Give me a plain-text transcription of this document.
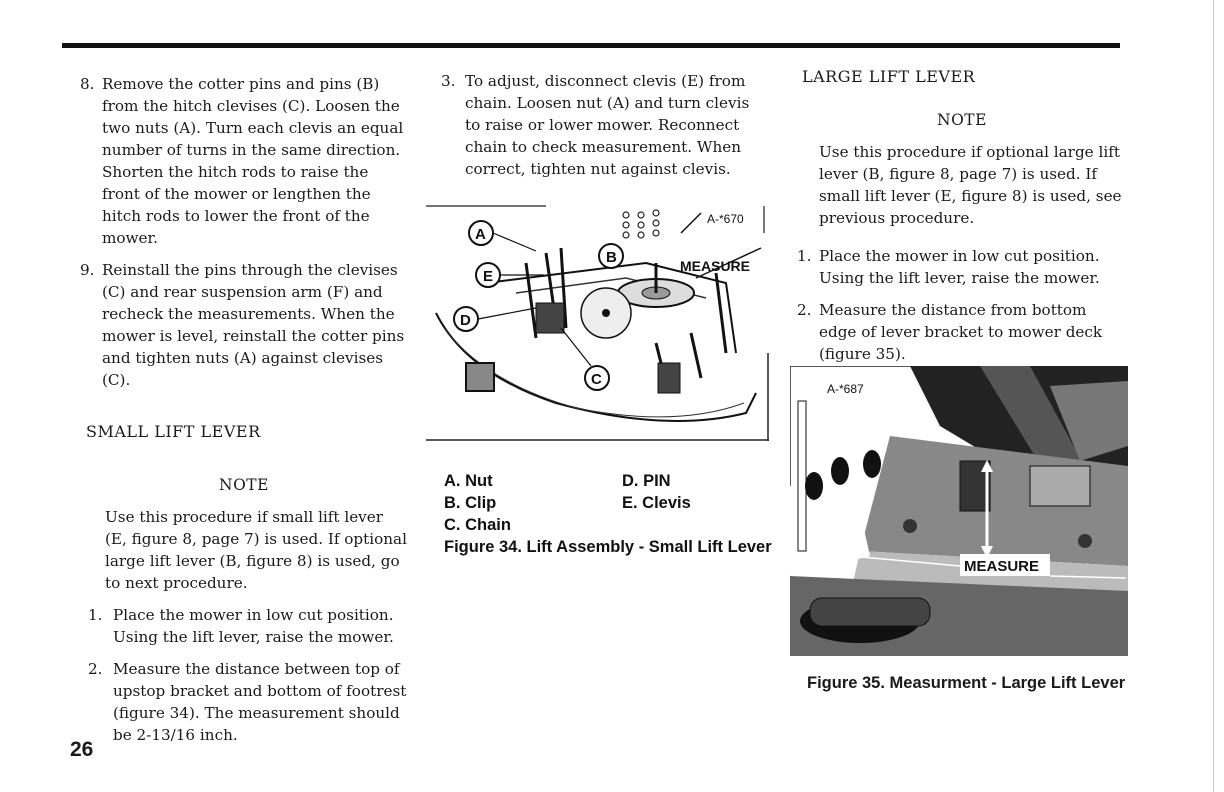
8. Remove the cotter pins and pins (B) from the hitch clevises (C). Loosen the two nuts (A). Turn each clevis an equal number of turns in the same direction. Shorten the hitch rods to raise the front of the mower or lengthen the hitch rods to lower the front of the mower.

9. Reinstall the pins through the clevises (C) and rear suspension arm (F) and recheck the measurements. When the mower is level, reinstall the cotter pins and tighten nuts (A) against clevises (C).

SMALL LIFT LEVER

NOTE

Use this procedure if small lift lever (E, figure 8, page 7) is used. If optional large lift lever (B, figure 8) is used, go to next procedure.

1. Place the mower in low cut position. Using the lift lever, raise the mower.

2. Measure the distance between top of upstop bracket and bottom of footrest (figure 34). The measurement should be 2-13/16 inch.

3. To adjust, disconnect clevis (E) from chain. Loosen nut (A) and turn clevis to raise or lower mower. Reconnect chain to check measurement. When correct, tighten nut against clevis.

A
B
E
D
C
A-*670
MEASURE
A. Nut	D. PIN
B. Clip	E. Clevis
C. Chain
Figure 34. Lift Assembly - Small Lift Lever

LARGE LIFT LEVER

NOTE

Use this procedure if optional large lift lever (B, figure 8, page 7) is used. If small lift lever (E, figure 8) is used, see previous procedure.

1. Place the mower in low cut position. Using the lift lever, raise the mower.

2. Measure the distance from bottom edge of lever bracket to mower deck (figure 35).

MEASURE
A-*687
Figure 35. Measurment - Large Lift Lever
26
